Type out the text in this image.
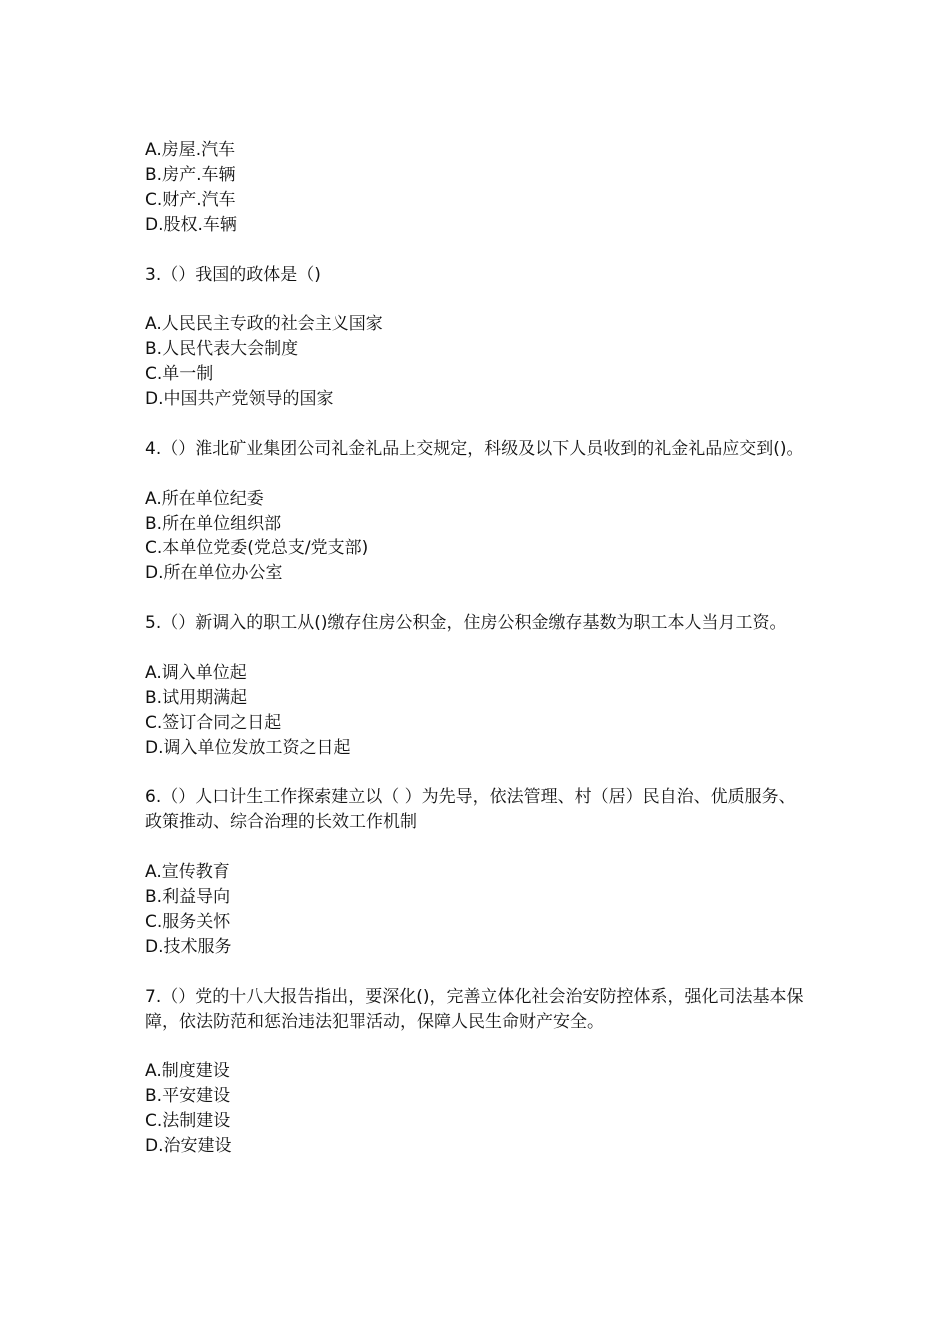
A.房屋.汽车
B.房产.车辆
C.财产.汽车
D.股权.车辆
3.（）我国的政体是（)
A.人民民主专政的社会主义国家
B.人民代表大会制度
C.单一制
D.中国共产党领导的国家
4.（）淮北矿业集团公司礼金礼品上交规定，科级及以下人员收到的礼金礼品应交到()。
A.所在单位纪委
B.所在单位组织部
C.本单位党委(党总支/党支部)
D.所在单位办公室
5.（）新调入的职工从()缴存住房公积金，住房公积金缴存基数为职工本人当月工资。
A.调入单位起
B.试用期满起
C.签订合同之日起
D.调入单位发放工资之日起
6.（）人口计生工作探索建立以（ ）为先导，依法管理、村（居）民自治、优质服务、政策推动、综合治理的长效工作机制
A.宣传教育
B.利益导向
C.服务关怀
D.技术服务
7.（）党的十八大报告指出，要深化()，完善立体化社会治安防控体系，强化司法基本保障，依法防范和惩治违法犯罪活动，保障人民生命财产安全。
A.制度建设
B.平安建设
C.法制建设
D.治安建设
